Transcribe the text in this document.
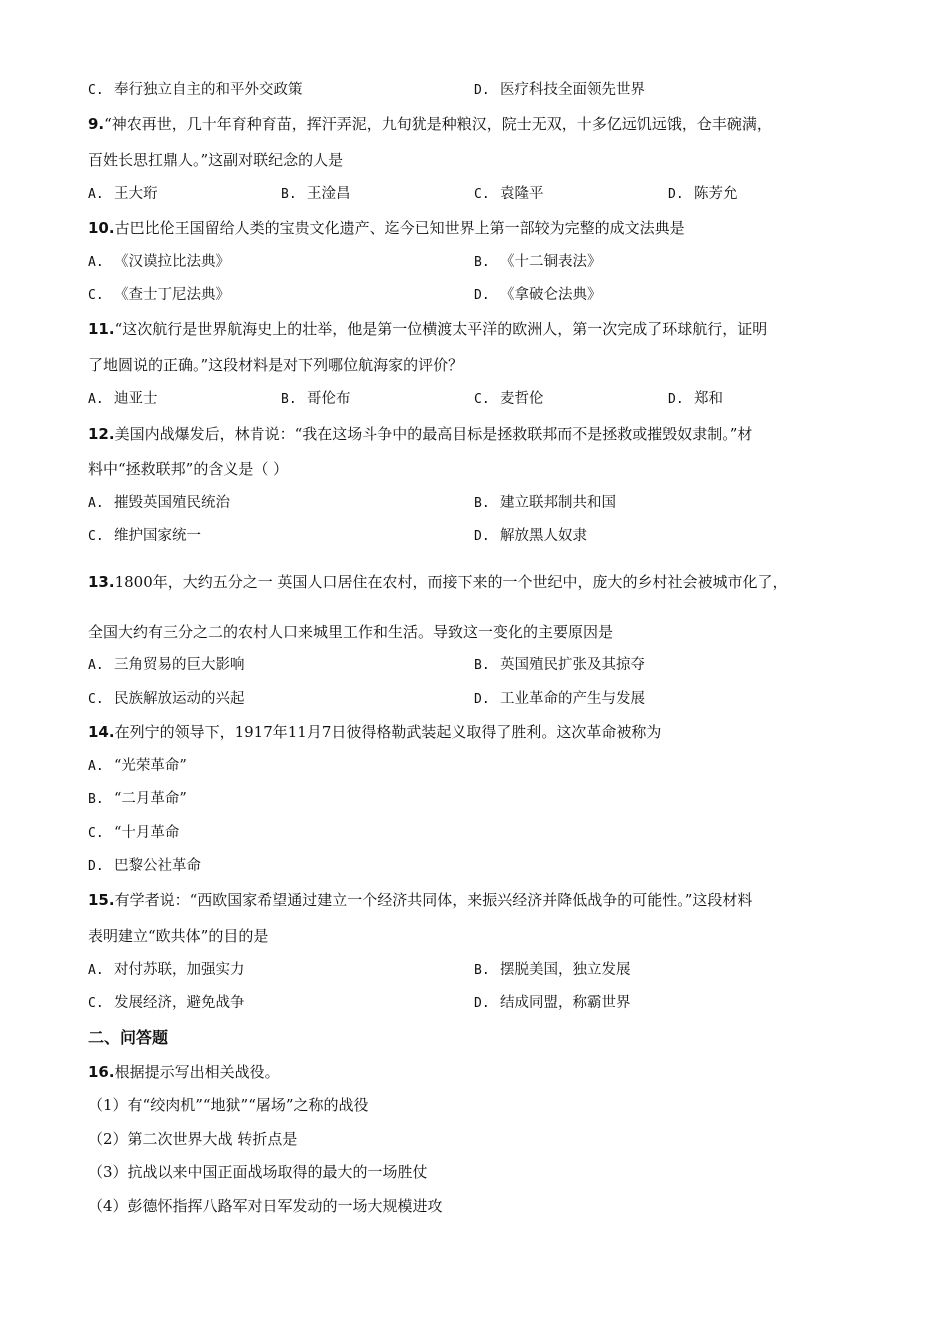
C. 奉行独立自主的和平外交政策	D. 医疗科技全面领先世界
9.“神农再世，几十年育种育苗，挥汗弄泥，九旬犹是种粮汉，院士无双，十多亿远饥远饿，仓丰碗满，
百姓长思扛鼎人。”这副对联纪念的人是
A. 王大珩	B. 王淦昌	C. 袁隆平	D. 陈芳允
10.古巴比伦王国留给人类的宝贵文化遗产、迄今已知世界上第一部较为完整的成文法典是
A. 《汉谟拉比法典》	B. 《十二铜表法》
C. 《查士丁尼法典》	D. 《拿破仑法典》
11.“这次航行是世界航海史上的壮举，他是第一位横渡太平洋的欧洲人，第一次完成了环球航行，证明
了地圆说的正确。”这段材料是对下列哪位航海家的评价？
A. 迪亚士	B. 哥伦布	C. 麦哲伦	D. 郑和
12.美国内战爆发后，林肯说：“我在这场斗争中的最高目标是拯救联邦而不是拯救或摧毁奴隶制。”材
料中“拯救联邦”的含义是（ ）
A. 摧毁英国殖民统治	B. 建立联邦制共和国
C. 维护国家统一	D. 解放黑人奴隶
13.1800年，大约五分之一 英国人口居住在农村，而接下来的一个世纪中，庞大的乡村社会被城市化了，
全国大约有三分之二的农村人口来城里工作和生活。导致这一变化的主要原因是
A. 三角贸易的巨大影响	B. 英国殖民扩张及其掠夺
C. 民族解放运动的兴起	D. 工业革命的产生与发展
14.在列宁的领导下，1917年11月7日彼得格勒武装起义取得了胜利。这次革命被称为
A. “光荣革命”
B. “二月革命”
C. “十月革命
D. 巴黎公社革命
15.有学者说：“西欧国家希望通过建立一个经济共同体，来振兴经济并降低战争的可能性。”这段材料
表明建立“欧共体”的目的是
A. 对付苏联，加强实力	B. 摆脱美国，独立发展
C. 发展经济，避免战争	D. 结成同盟，称霸世界
二、问答题
16.根据提示写出相关战役。
（1）有“绞肉机”“地狱”“屠场”之称的战役
（2）第二次世界大战 转折点是
（3）抗战以来中国正面战场取得的最大的一场胜仗
（4）彭德怀指挥八路军对日军发动的一场大规模进攻
